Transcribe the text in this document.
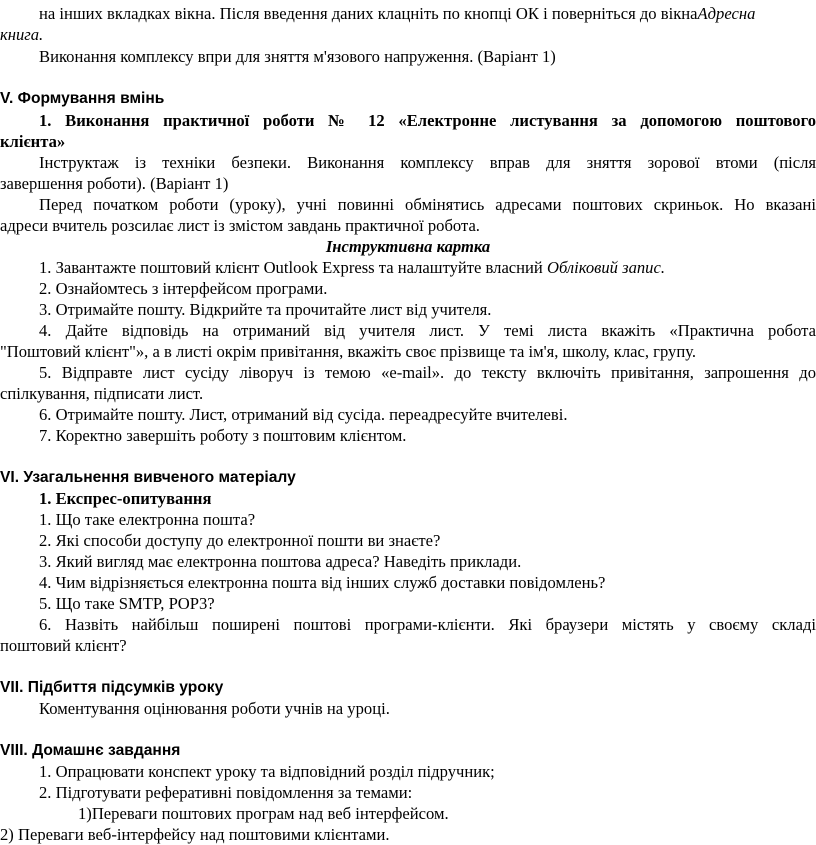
на інших вкладках вікна. Після введення даних клацніть по кнопці ОК і поверніться до вікнаАдресна
книга.
Виконання комплексу впри для зняття м'язового напруження. (Варіант 1)
V. Формування вмінь
1. Виконання практичної роботи № 12 «Електронне листування за допомогою поштового
клієнта»
Інструктаж із техніки безпеки. Виконання комплексу вправ для зняття зорової втоми (після
завершення роботи). (Варіант 1)
Перед початком роботи (уроку), учні повинні обмінятись адресами поштових скриньок. Но вказані
адреси вчитель розсилає лист із змістом завдань практичної робота.
Інструктивна картка
1. Завантажте поштовий клієнт Outlook Express та налаштуйте власний Обліковий запис.
2. Ознайомтесь з інтерфейсом програми.
3. Отримайте пошту. Відкрийте та прочитайте лист від учителя.
4. Дайте відповідь на отриманий від учителя лист. У темі листа вкажіть «Практична робота
"Поштовий клієнт"», а в листі окрім привітання, вкажіть своє прізвище та ім'я, школу, клас, групу.
5. Відправте лист сусіду ліворуч із темою «e-mail». до тексту включіть привітання, запрошення до
спілкування, підписати лист.
6. Отримайте пошту. Лист, отриманий від сусіда. переадресуйте вчителеві.
7. Коректно завершіть роботу з поштовим клієнтом.
VI. Узагальнення вивченого матеріалу
1. Експрес-опитування
1. Що таке електронна пошта?
2. Які способи доступу до електронної пошти ви знаєте?
3. Який вигляд має електронна поштова адреса? Наведіть приклади.
4. Чим відрізняється електронна пошта від інших служб доставки повідомлень?
5. Що таке SMTP, POP3?
6. Назвіть найбільш поширені поштові програми-клієнти. Які браузери містять у своєму складі
поштовий клієнт?
VII. Підбиття підсумків уроку
Коментування оцінювання роботи учнів на уроці.
VIII. Домашнє завдання
1. Опрацювати конспект уроку та відповідний розділ підручник;
2. Підготувати реферативні повідомлення за темами:
1)Переваги поштових програм над веб інтерфейсом.
2) Переваги веб-інтерфейсу над поштовими клієнтами.
